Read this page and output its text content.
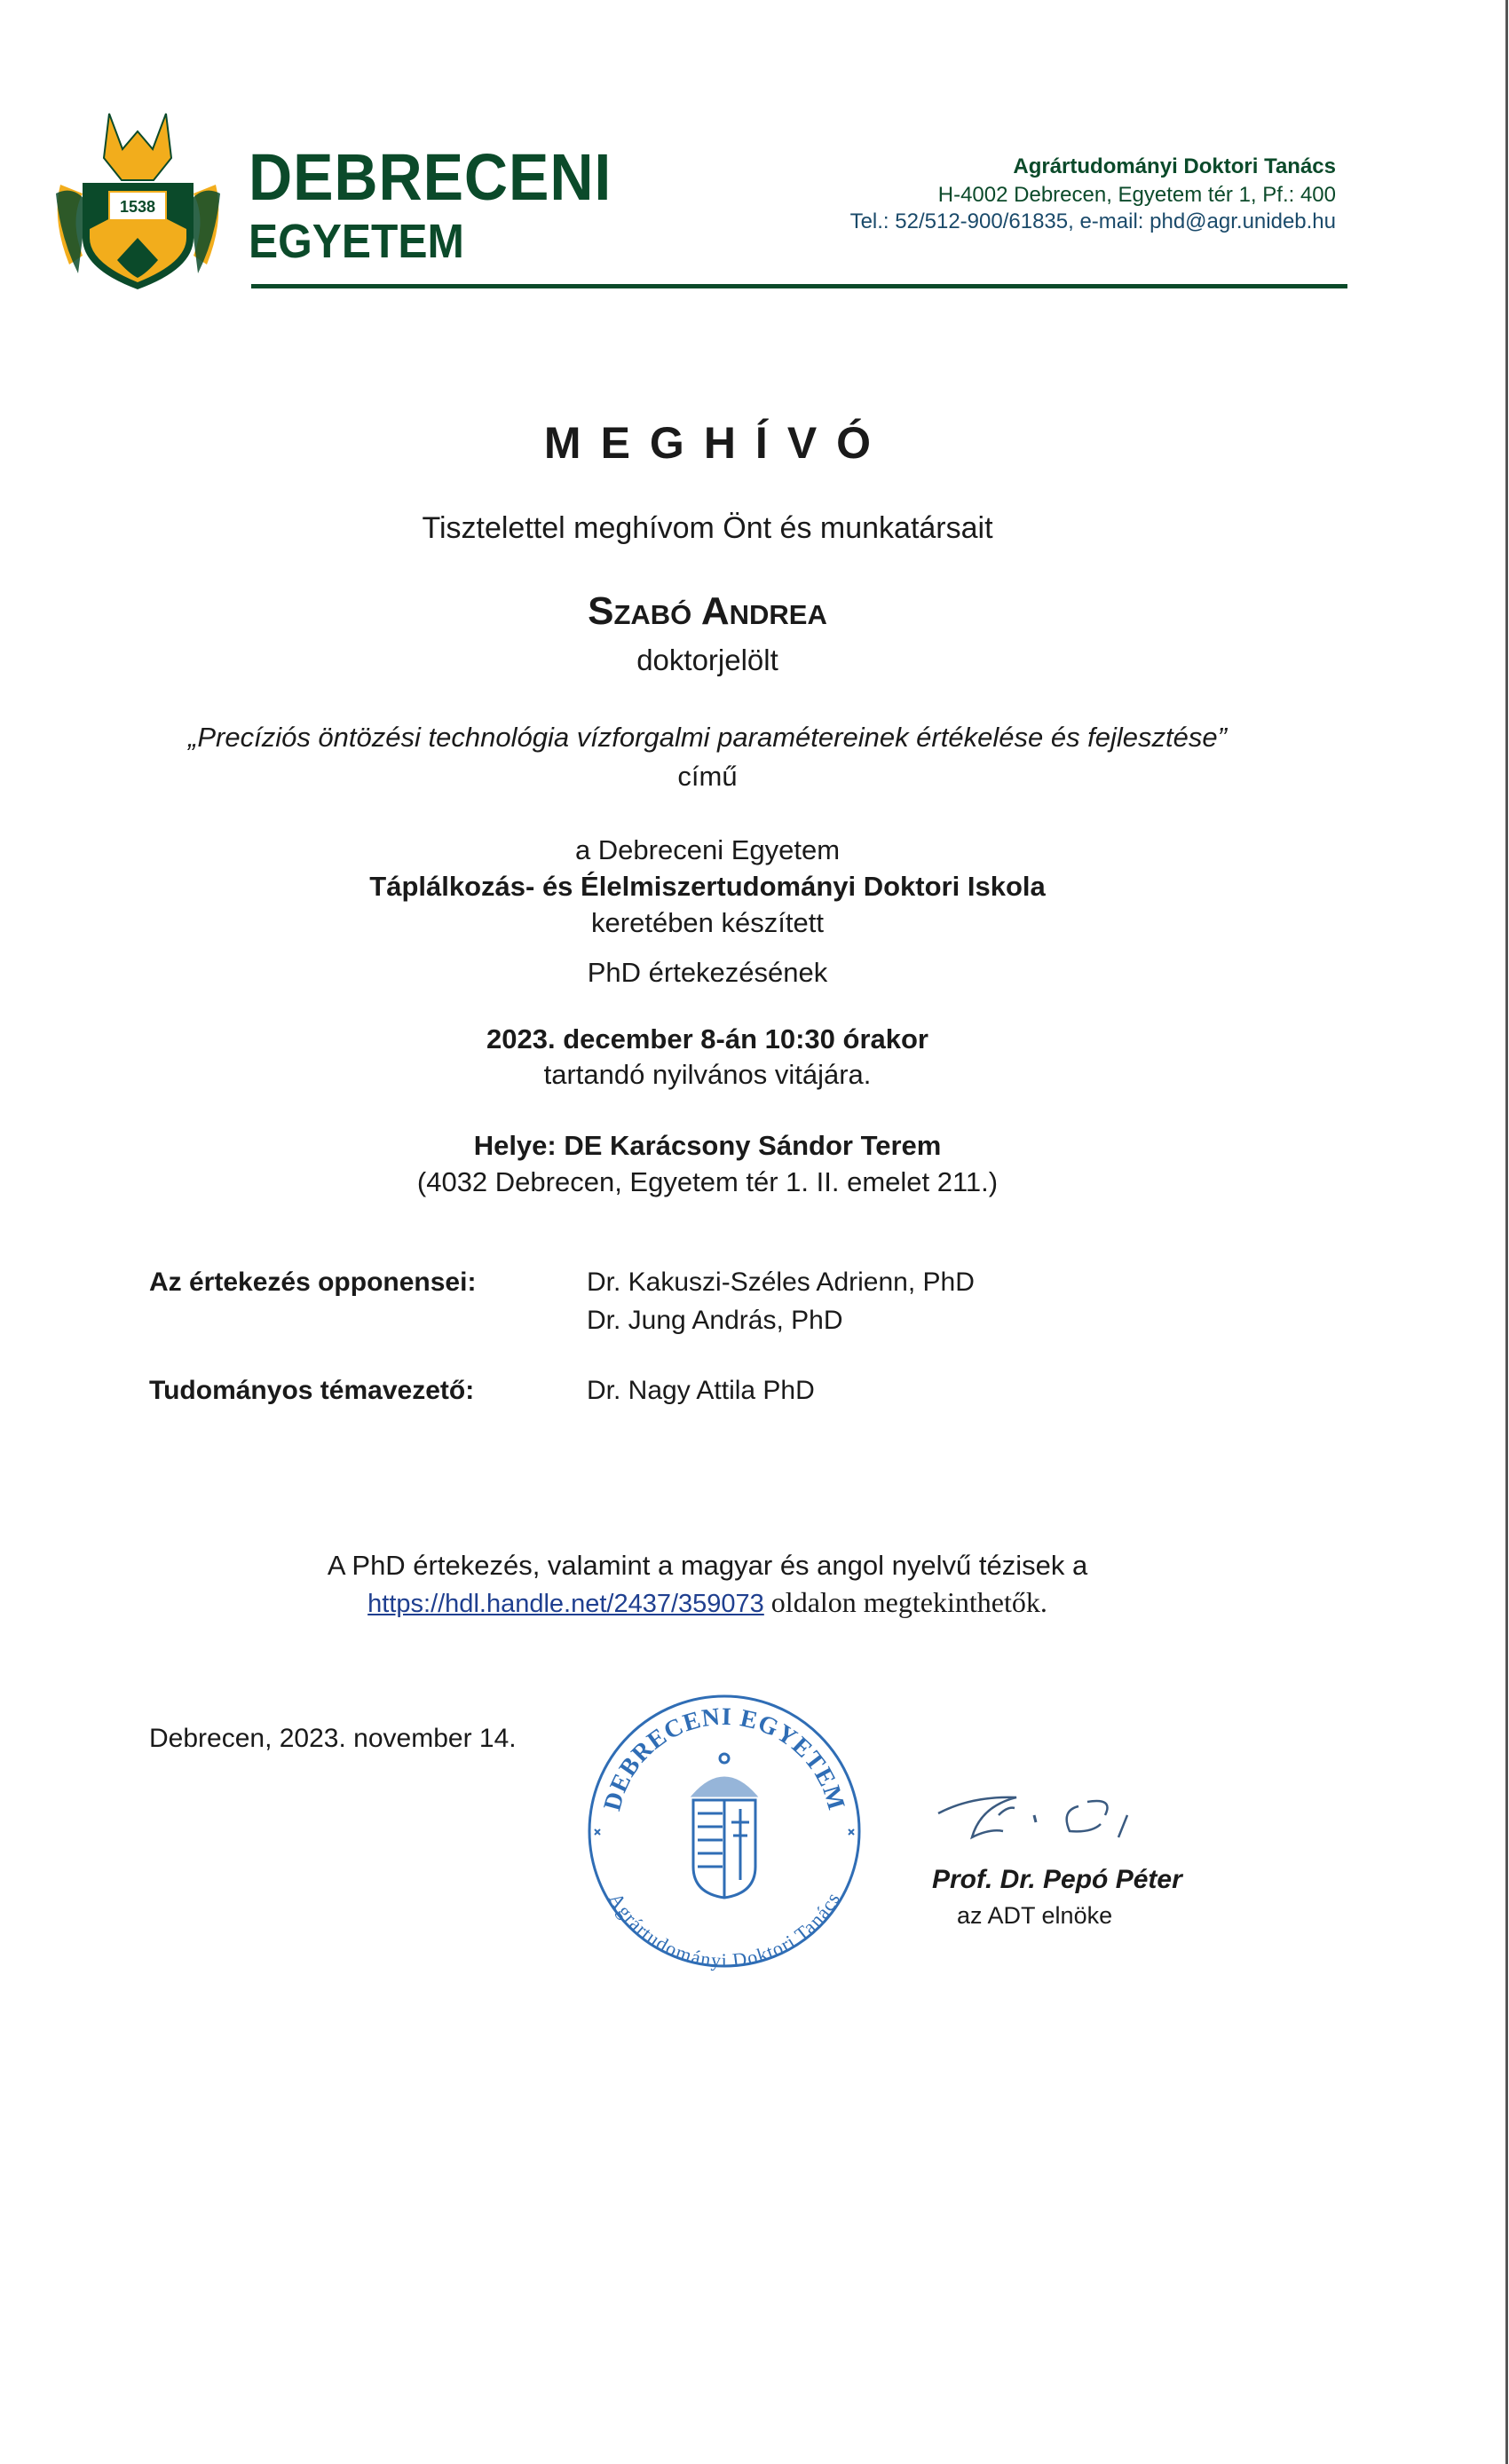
1538 DEBRECENI
EGYETEM
Agrártudományi Doktori Tanács
H-4002 Debrecen, Egyetem tér 1, Pf.: 400
Tel.: 52/512-900/61835, e-mail: phd@agr.unideb.hu
MEGHÍVÓ
Tisztelettel meghívom Önt és munkatársait
Szabó Andrea
doktorjelölt
„Precíziós öntözési technológia vízforgalmi paramétereinek értékelése és fejlesztése”
című
a Debreceni Egyetem
Táplálkozás- és Élelmiszertudományi Doktori Iskola
keretében készített
PhD értekezésének
2023. december 8-án 10:30 órakor
tartandó nyilvános vitájára.
Helye: DE Karácsony Sándor Terem
(4032 Debrecen, Egyetem tér 1. II. emelet 211.)
Az értekezés opponensei:	Dr. Kakuszi-Széles Adrienn, PhD
Dr. Jung András, PhD
Tudományos témavezető:	Dr. Nagy Attila PhD
A PhD értekezés, valamint a magyar és angol nyelvű tézisek a
https://hdl.handle.net/2437/359073 oldalon megtekinthetők.
Debrecen, 2023. november 14.
DEBRECENI EGYETEM
Agrártudományi Doktori Tanács
Prof. Dr. Pepó Péter
az ADT elnöke
